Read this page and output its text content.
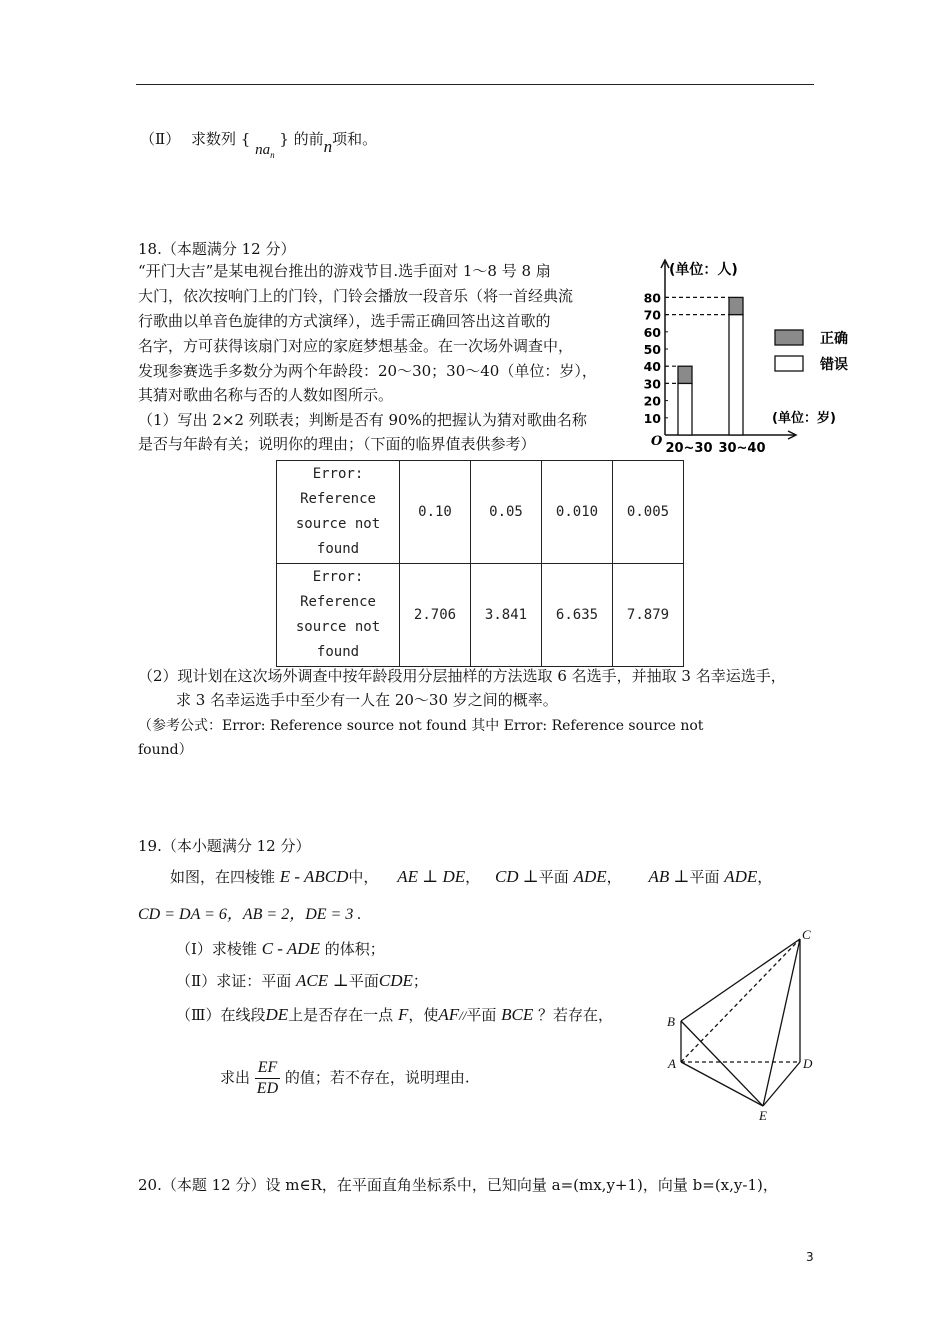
（Ⅱ） 求数列 { $na_n$ } 的前n项和。
18.（本题满分 12 分）
“开门大吉”是某电视台推出的游戏节目.选手面对 1～8 号 8 扇
大门，依次按响门上的门铃，门铃会播放一段音乐（将一首经典流
行歌曲以单音色旋律的方式演绎），选手需正确回答出这首歌的
名字，方可获得该扇门对应的家庭梦想基金。在一次场外调查中，
发现参赛选手多数分为两个年龄段：20～30；30～40（单位：岁），
其猜对歌曲名称与否的人数如图所示。
（1）写出 2×2 列联表；判断是否有 90%的把握认为猜对歌曲名称
是否与年龄有关；说明你的理由；（下面的临界值表供参考）
(单位：人)
(单位：岁)
O
10
20
30
40
50
60
70
80
20~30 30~40
正确
错误
Error:
Reference
source not
found	0.10	0.05	0.010	0.005

Error:
Reference
source not
found	2.706	3.841	6.635	7.879
（2）现计划在这次场外调查中按年龄段用分层抽样的方法选取 6 名选手，并抽取 3 名幸运选手，
求 3 名幸运选手中至少有一人在 20～30 岁之间的概率。
（参考公式：Error: Reference source not found 其中 Error: Reference source not
found）
19.（本小题满分 12 分）
如图，在四棱锥 E - ABCD中， AE ⊥ DE， CD ⊥平面 ADE， AB ⊥平面 ADE，
CD = DA = 6，AB = 2，DE = 3 .
（Ⅰ）求棱锥 C - ADE 的体积；
（Ⅱ）求证：平面 ACE ⊥平面CDE；
（Ⅲ）在线段DE上是否存在一点 F，使AF//平面 BCE ？若存在，
求出 $\frac{EF}{ED}$ 的值；若不存在，说明理由.
C
B
A	D
E
20.（本题 12 分）设 m∈R，在平面直角坐标系中，已知向量 a=(mx,y+1)，向量 b=(x,y-1)，
3
